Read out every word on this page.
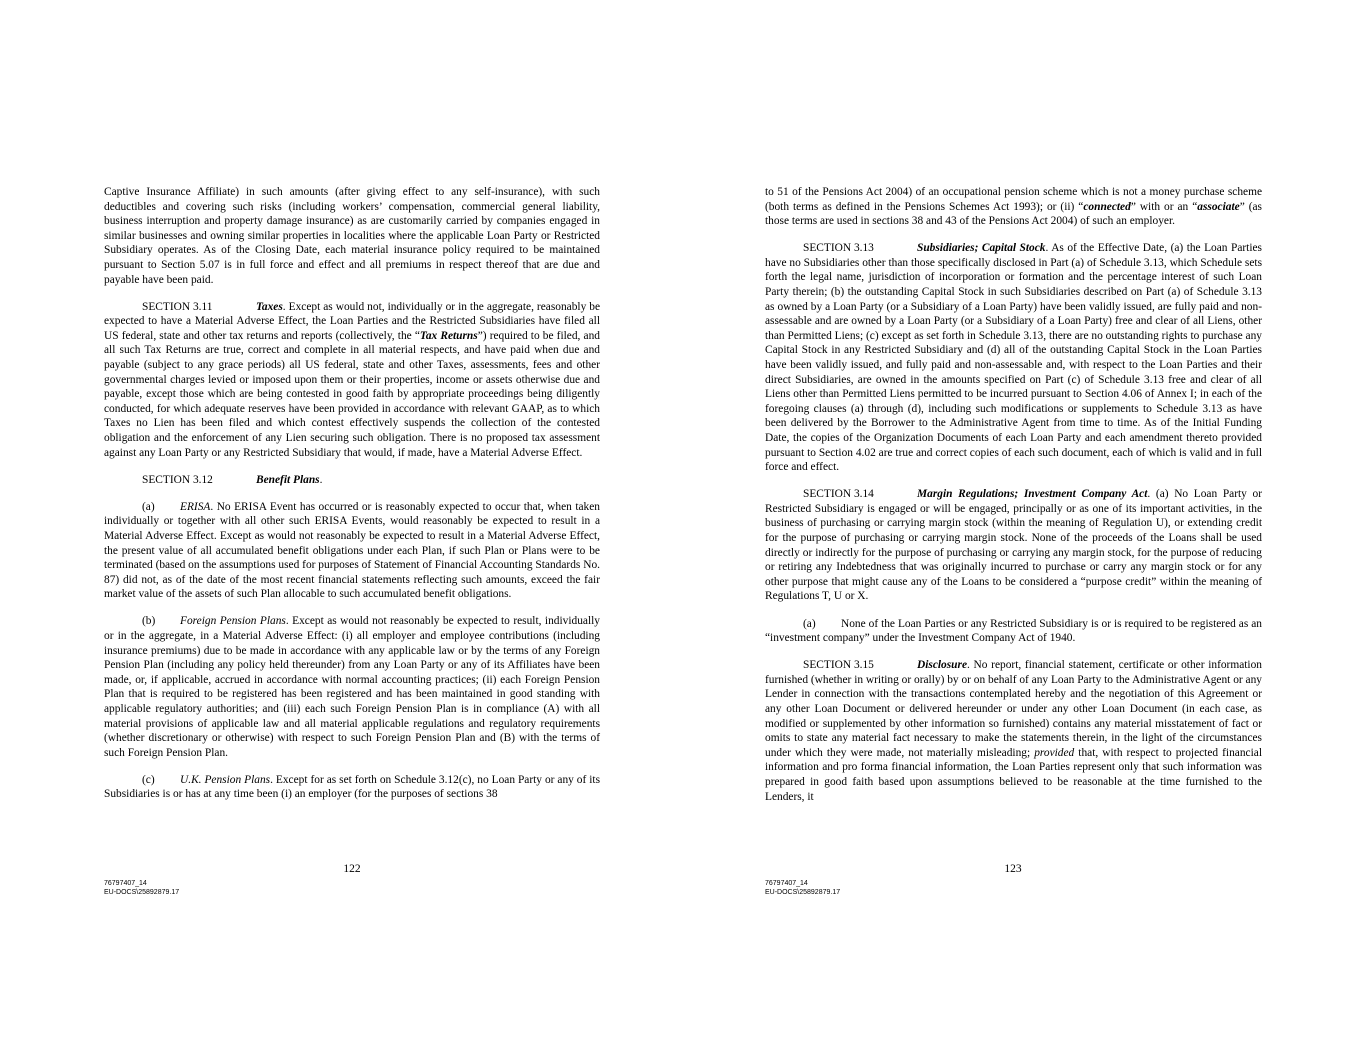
Captive Insurance Affiliate) in such amounts (after giving effect to any self-insurance), with such deductibles and covering such risks (including workers’ compensation, commercial general liability, business interruption and property damage insurance) as are customarily carried by companies engaged in similar businesses and owning similar properties in localities where the applicable Loan Party or Restricted Subsidiary operates. As of the Closing Date, each material insurance policy required to be maintained pursuant to Section 5.07 is in full force and effect and all premiums in respect thereof that are due and payable have been paid.

SECTION 3.11	Taxes. Except as would not, individually or in the aggregate, reasonably be expected to have a Material Adverse Effect, the Loan Parties and the Restricted Subsidiaries have filed all US federal, state and other tax returns and reports (collectively, the “Tax Returns”) required to be filed, and all such Tax Returns are true, correct and complete in all material respects, and have paid when due and payable (subject to any grace periods) all US federal, state and other Taxes, assessments, fees and other governmental charges levied or imposed upon them or their properties, income or assets otherwise due and payable, except those which are being contested in good faith by appropriate proceedings being diligently conducted, for which adequate reserves have been provided in accordance with relevant GAAP, as to which Taxes no Lien has been filed and which contest effectively suspends the collection of the contested obligation and the enforcement of any Lien securing such obligation. There is no proposed tax assessment against any Loan Party or any Restricted Subsidiary that would, if made, have a Material Adverse Effect.

SECTION 3.12	Benefit Plans.

(a) ERISA. No ERISA Event has occurred or is reasonably expected to occur that, when taken individually or together with all other such ERISA Events, would reasonably be expected to result in a Material Adverse Effect. Except as would not reasonably be expected to result in a Material Adverse Effect, the present value of all accumulated benefit obligations under each Plan, if such Plan or Plans were to be terminated (based on the assumptions used for purposes of Statement of Financial Accounting Standards No. 87) did not, as of the date of the most recent financial statements reflecting such amounts, exceed the fair market value of the assets of such Plan allocable to such accumulated benefit obligations.

(b) Foreign Pension Plans. Except as would not reasonably be expected to result, individually or in the aggregate, in a Material Adverse Effect: (i) all employer and employee contributions (including insurance premiums) due to be made in accordance with any applicable law or by the terms of any Foreign Pension Plan (including any policy held thereunder) from any Loan Party or any of its Affiliates have been made, or, if applicable, accrued in accordance with normal accounting practices; (ii) each Foreign Pension Plan that is required to be registered has been registered and has been maintained in good standing with applicable regulatory authorities; and (iii) each such Foreign Pension Plan is in compliance (A) with all material provisions of applicable law and all material applicable regulations and regulatory requirements (whether discretionary or otherwise) with respect to such Foreign Pension Plan and (B) with the terms of such Foreign Pension Plan.

(c) U.K. Pension Plans. Except for as set forth on Schedule 3.12(c), no Loan Party or any of its Subsidiaries is or has at any time been (i) an employer (for the purposes of sections 38

122
76797407_14
EU-DOCS\25892879.17

to 51 of the Pensions Act 2004) of an occupational pension scheme which is not a money purchase scheme (both terms as defined in the Pensions Schemes Act 1993); or (ii) “connected” with or an “associate” (as those terms are used in sections 38 and 43 of the Pensions Act 2004) of such an employer.

SECTION 3.13	Subsidiaries; Capital Stock. As of the Effective Date, (a) the Loan Parties have no Subsidiaries other than those specifically disclosed in Part (a) of Schedule 3.13, which Schedule sets forth the legal name, jurisdiction of incorporation or formation and the percentage interest of such Loan Party therein; (b) the outstanding Capital Stock in such Subsidiaries described on Part (a) of Schedule 3.13 as owned by a Loan Party (or a Subsidiary of a Loan Party) have been validly issued, are fully paid and non-assessable and are owned by a Loan Party (or a Subsidiary of a Loan Party) free and clear of all Liens, other than Permitted Liens; (c) except as set forth in Schedule 3.13, there are no outstanding rights to purchase any Capital Stock in any Restricted Subsidiary and (d) all of the outstanding Capital Stock in the Loan Parties have been validly issued, and fully paid and non-assessable and, with respect to the Loan Parties and their direct Subsidiaries, are owned in the amounts specified on Part (c) of Schedule 3.13 free and clear of all Liens other than Permitted Liens permitted to be incurred pursuant to Section 4.06 of Annex I; in each of the foregoing clauses (a) through (d), including such modifications or supplements to Schedule 3.13 as have been delivered by the Borrower to the Administrative Agent from time to time. As of the Initial Funding Date, the copies of the Organization Documents of each Loan Party and each amendment thereto provided pursuant to Section 4.02 are true and correct copies of each such document, each of which is valid and in full force and effect.

SECTION 3.14	Margin Regulations; Investment Company Act. (a) No Loan Party or Restricted Subsidiary is engaged or will be engaged, principally or as one of its important activities, in the business of purchasing or carrying margin stock (within the meaning of Regulation U), or extending credit for the purpose of purchasing or carrying margin stock. None of the proceeds of the Loans shall be used directly or indirectly for the purpose of purchasing or carrying any margin stock, for the purpose of reducing or retiring any Indebtedness that was originally incurred to purchase or carry any margin stock or for any other purpose that might cause any of the Loans to be considered a “purpose credit” within the meaning of Regulations T, U or X.

(a) None of the Loan Parties or any Restricted Subsidiary is or is required to be registered as an “investment company” under the Investment Company Act of 1940.

SECTION 3.15	Disclosure. No report, financial statement, certificate or other information furnished (whether in writing or orally) by or on behalf of any Loan Party to the Administrative Agent or any Lender in connection with the transactions contemplated hereby and the negotiation of this Agreement or any other Loan Document or delivered hereunder or under any other Loan Document (in each case, as modified or supplemented by other information so furnished) contains any material misstatement of fact or omits to state any material fact necessary to make the statements therein, in the light of the circumstances under which they were made, not materially misleading; provided that, with respect to projected financial information and pro forma financial information, the Loan Parties represent only that such information was prepared in good faith based upon assumptions believed to be reasonable at the time furnished to the Lenders, it

123
76797407_14
EU-DOCS\25892879.17
